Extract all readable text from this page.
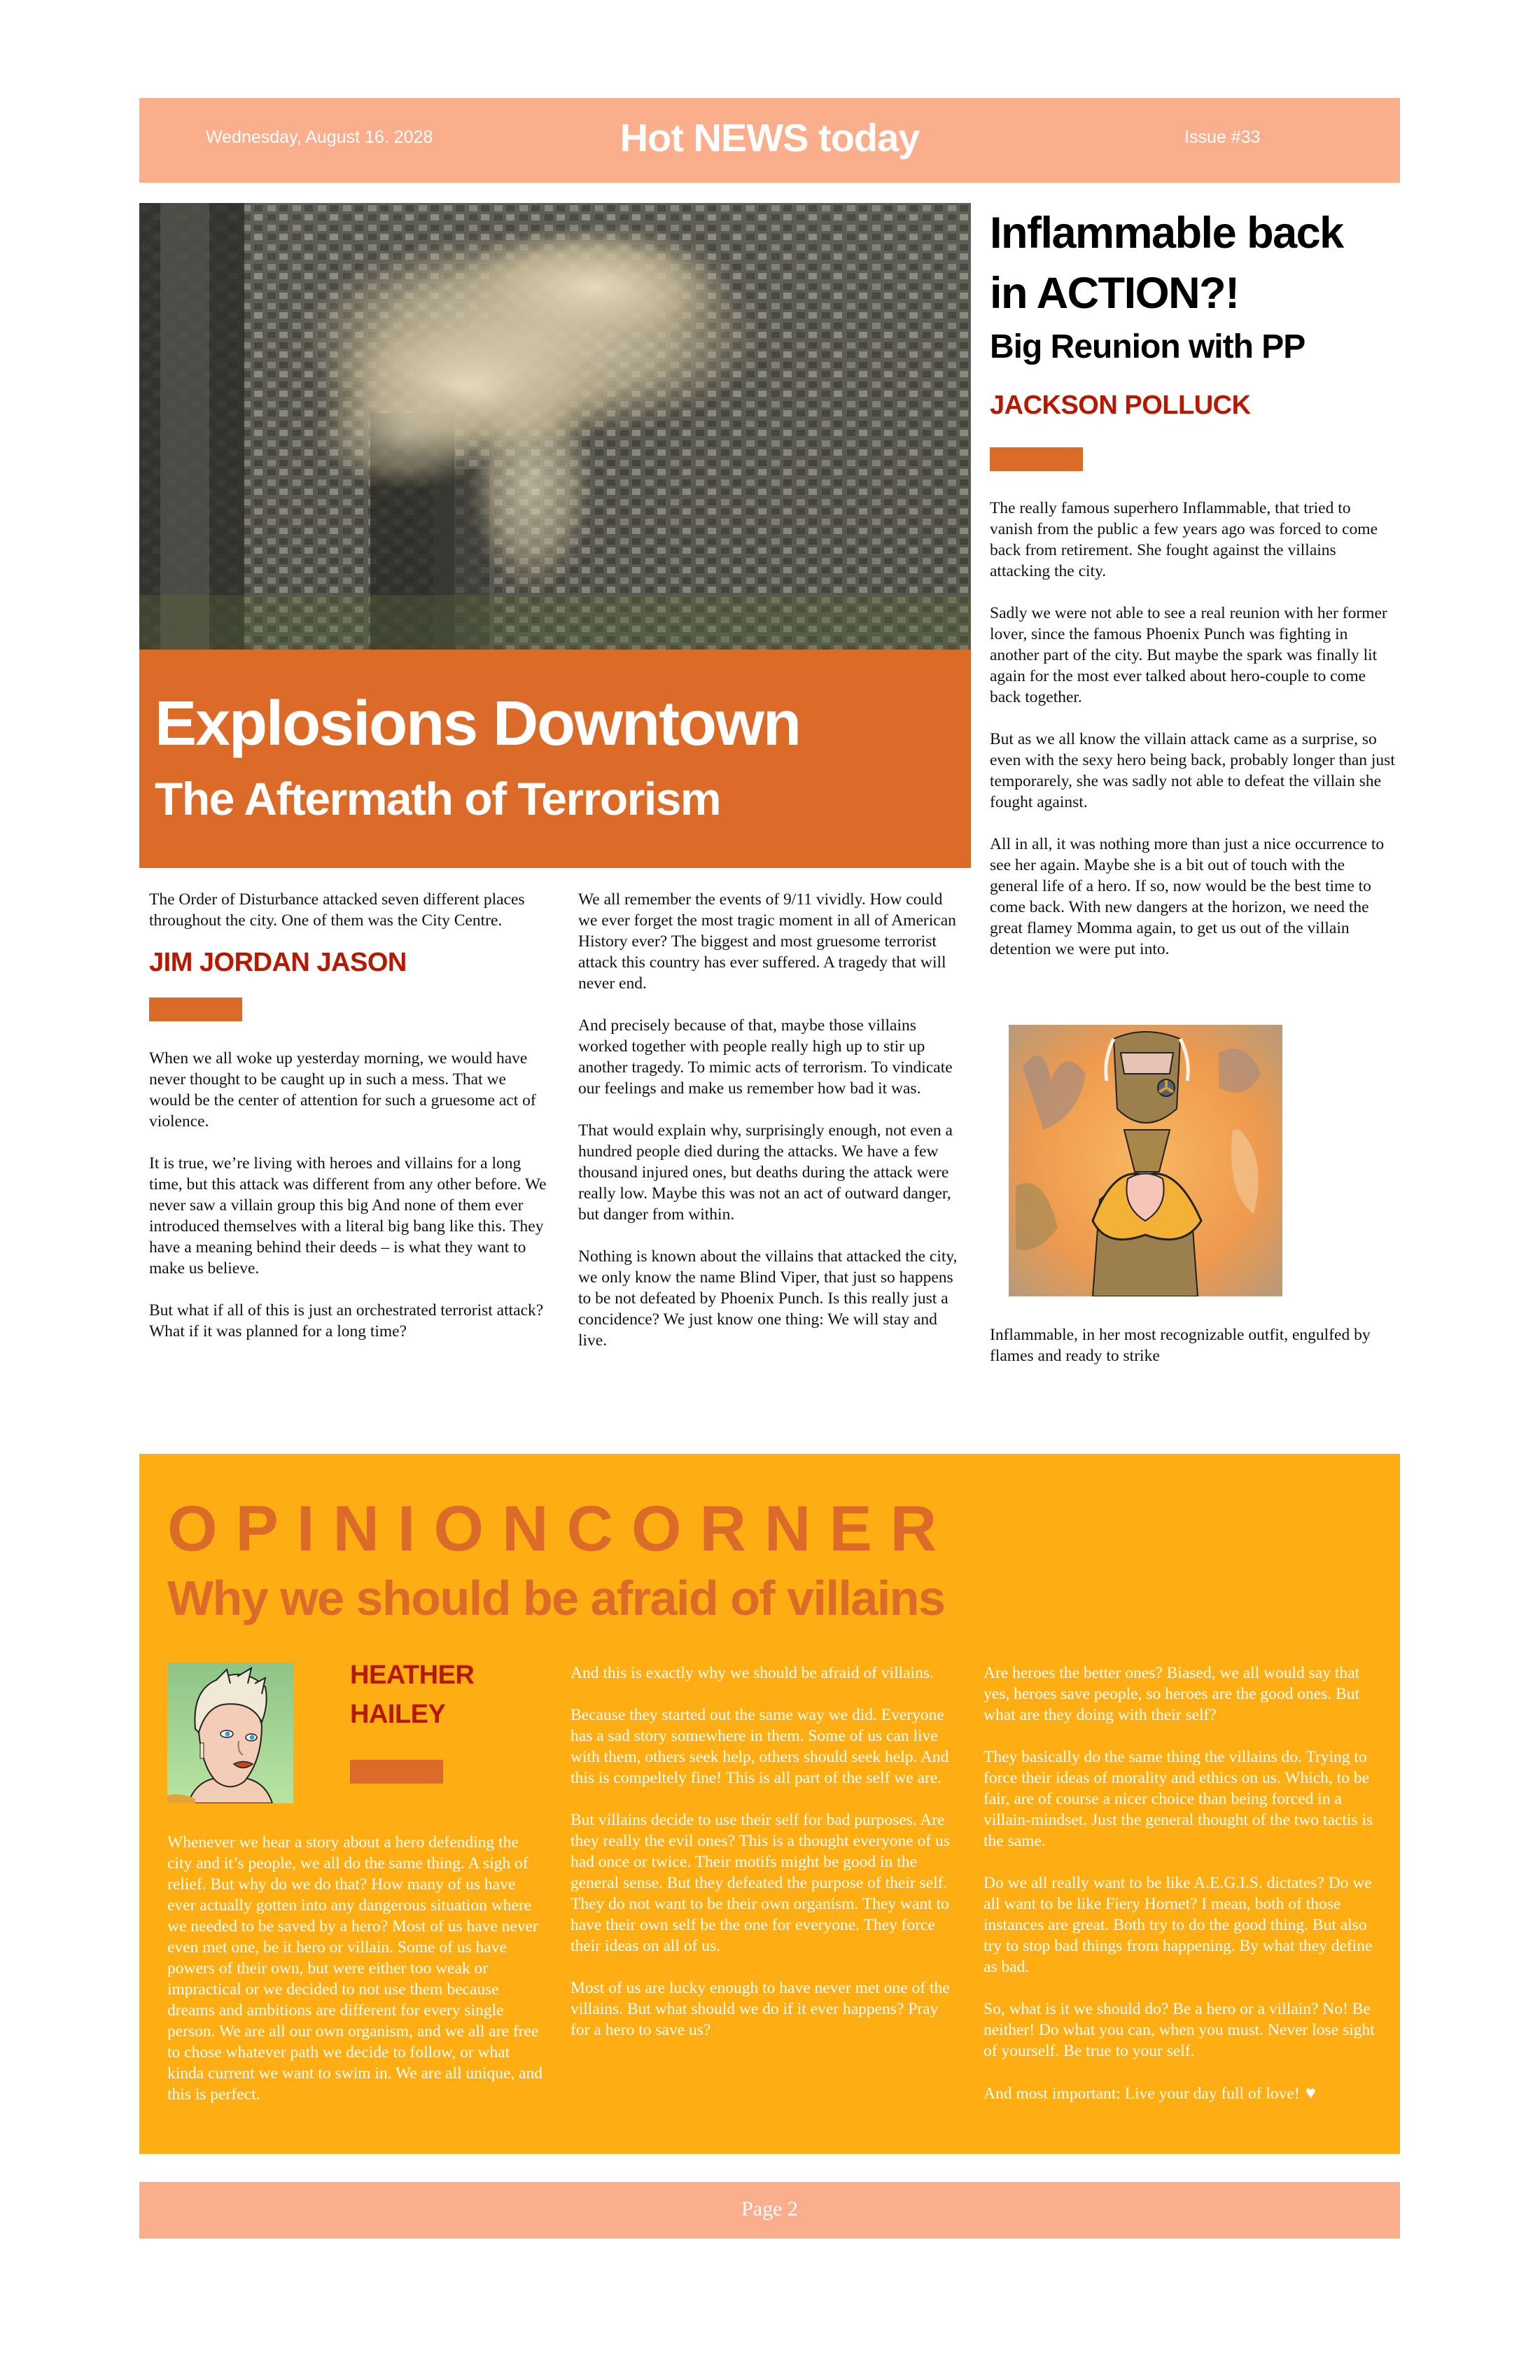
Wednesday, August 16. 2028	Hot NEWS today	Issue #33
Explosions Downtown
The Aftermath of Terrorism

The Order of Disturbance attacked seven different places throughout the city. One of them was the City Centre.

JIM JORDAN JASON

When we all woke up yesterday morning, we would have never thought to be caught up in such a mess. That we would be the center of attention for such a gruesome act of violence.

It is true, we’re living with heroes and villains for a long time, but this attack was different from any other before. We never saw a villain group this big And none of them ever introduced themselves with a literal big bang like this. They have a meaning behind their deeds – is what they want to make us believe.

But what if all of this is just an orchestrated terrorist attack? What if it was planned for a long time?

We all remember the events of 9/11 vividly. How could we ever forget the most tragic moment in all of American History ever? The biggest and most gruesome terrorist attack this country has ever suffered. A tragedy that will never end.

And precisely because of that, maybe those villains worked together with people really high up to stir up another tragedy. To mimic acts of terrorism. To vindicate our feelings and make us remember how bad it was.

That would explain why, surprisingly enough, not even a hundred people died during the attacks. We have a few thousand injured ones, but deaths during the attack were really low. Maybe this was not an act of outward danger, but danger from within.

Nothing is known about the villains that attacked the city, we only know the name Blind Viper, that just so happens to be not defeated by Phoenix Punch. Is this really just a concidence? We just know one thing: We will stay and live.

Inflammable back
in ACTION?!
Big Reunion with PP
JACKSON POLLUCK

The really famous superhero Inflammable, that tried to vanish from the public a few years ago was forced to come back from retirement. She fought against the villains attacking the city.

Sadly we were not able to see a real reunion with her former lover, since the famous Phoenix Punch was fighting in another part of the city. But maybe the spark was finally lit again for the most ever talked about hero-couple to come back together.

But as we all know the villain attack came as a surprise, so even with the sexy hero being back, probably longer than just temporarely, she was sadly not able to defeat the villain she fought against.

All in all, it was nothing more than just a nice occurrence to see her again. Maybe she is a bit out of touch with the general life of a hero. If so, now would be the best time to come back. With new dangers at the horizon, we need the great flamey Momma again, to get us out of the villain detention we were put into.

Inflammable, in her most recognizable outfit, engulfed by flames and ready to strike
OPINIONCORNER
Why we should be afraid of villains
HEATHER
HAILEY

Whenever we hear a story about a hero defending the city and it’s people, we all do the same thing. A sigh of relief. But why do we do that? How many of us have ever actually gotten into any dangerous situation where we needed to be saved by a hero? Most of us have never even met one, be it hero or villain. Some of us have powers of their own, but were either too weak or impractical or we decided to not use them because dreams and ambitions are different for every single person. We are all our own organism, and we all are free to chose whatever path we decide to follow, or what kinda current we want to swim in. We are all unique, and this is perfect.

And this is exactly why we should be afraid of villains.

Because they started out the same way we did. Everyone has a sad story somewhere in them. Some of us can live with them, others seek help, others should seek help. And this is compeltely fine! This is all part of the self we are.

But villains decide to use their self for bad purposes. Are they really the evil ones? This is a thought everyone of us had once or twice. Their motifs might be good in the general sense. But they defeated the purpose of their self. They do not want to be their own organism. They want to have their own self be the one for everyone. They force their ideas on all of us.

Most of us are lucky enough to have never met one of the villains. But what should we do if it ever happens? Pray for a hero to save us?

Are heroes the better ones? Biased, we all would say that yes, heroes save people, so heroes are the good ones. But what are they doing with their self?

They basically do the same thing the villains do. Trying to force their ideas of morality and ethics on us. Which, to be fair, are of course a nicer choice than being forced in a villain-mindset. Just the general thought of the two tactis is the same.

Do we all really want to be like A.E.G.I.S. dictates? Do we all want to be like Fiery Hornet? I mean, both of those instances are great. Both try to do the good thing. But also try to stop bad things from happening. By what they define as bad.

So, what is it we should do? Be a hero or a villain? No! Be neither! Do what you can, when you must. Never lose sight of yourself. Be true to your self.

And most important: Live your day full of love! ♥

Page 2
